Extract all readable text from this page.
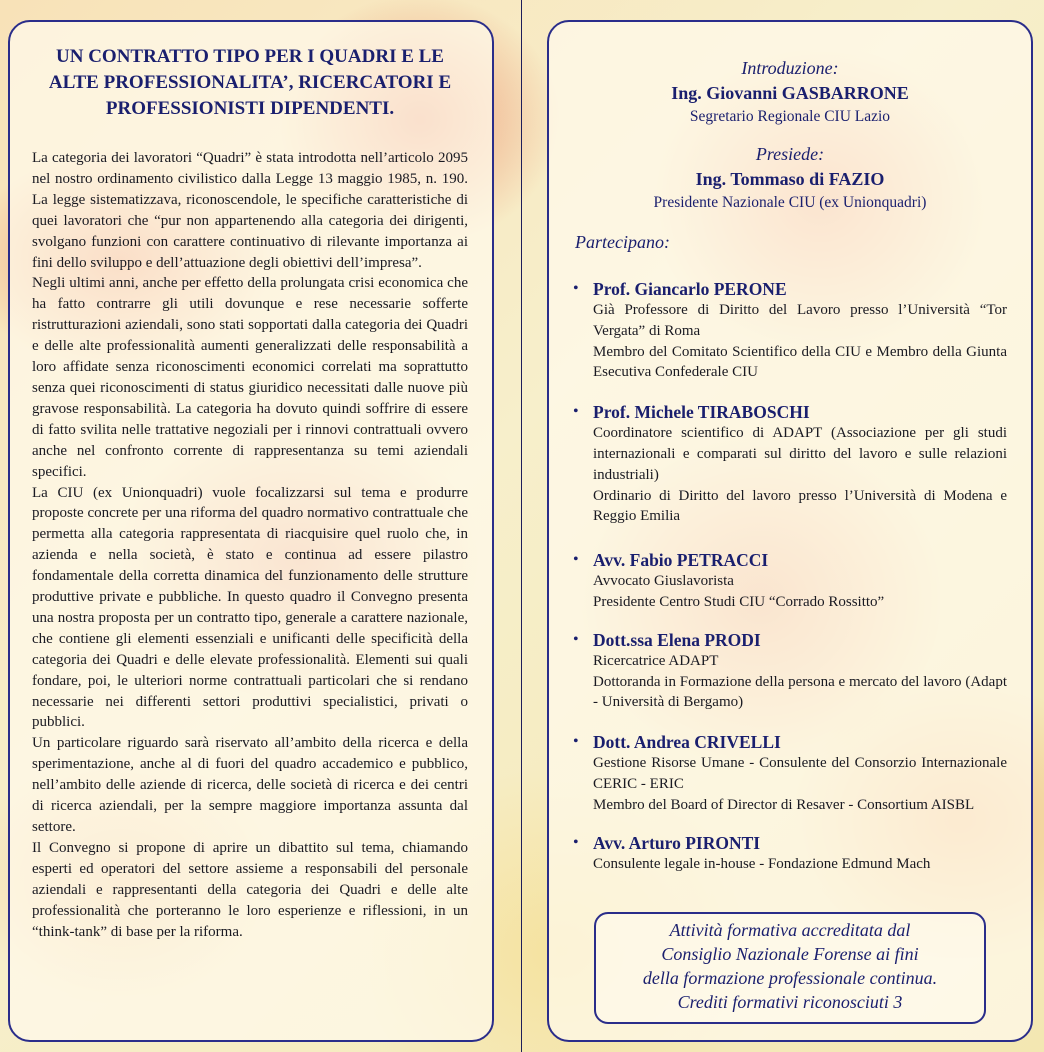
UN CONTRATTO TIPO PER I QUADRI E LE
ALTE PROFESSIONALITA’, RICERCATORI E
PROFESSIONISTI DIPENDENTI.

La categoria dei lavoratori “Quadri” è stata introdotta nell’articolo 2095 nel nostro ordinamento civilistico dalla Legge 13 maggio 1985, n. 190. La legge sistematizzava, riconoscendole, le specifiche caratteristiche di quei lavoratori che “pur non appartenendo alla categoria dei dirigenti, svolgano funzioni con carattere continuativo di rilevante importanza ai fini dello sviluppo e dell’attuazione degli obiettivi dell’impresa”.

Negli ultimi anni, anche per effetto della prolungata crisi economica che ha fatto contrarre gli utili dovunque e rese necessarie sofferte ristrutturazioni aziendali, sono stati sopportati dalla categoria dei Quadri e delle alte professionalità aumenti generalizzati delle responsabilità a loro affidate senza riconoscimenti economici correlati ma soprattutto senza quei riconoscimenti di status giuridico necessitati dalle nuove più gravose responsabilità. La categoria ha dovuto quindi soffrire di essere di fatto svilita nelle trattative negoziali per i rinnovi contrattuali ovvero anche nel confronto corrente di rappresentanza su temi aziendali specifici.

La CIU (ex Unionquadri) vuole focalizzarsi sul tema e produrre proposte concrete per una riforma del quadro normativo contrattuale che permetta alla categoria rappresentata di riacquisire quel ruolo che, in azienda e nella società, è stato e continua ad essere pilastro fondamentale della corretta dinamica del funzionamento delle strutture produttive private e pubbliche. In questo quadro il Convegno presenta una nostra proposta per un contratto tipo, generale a carattere nazionale, che contiene gli elementi essenziali e unificanti delle specificità della categoria dei Quadri e delle elevate professionalità. Elementi sui quali fondare, poi, le ulteriori norme contrattuali particolari che si rendano necessarie nei differenti settori produttivi specialistici, privati o pubblici.

Un particolare riguardo sarà riservato all’ambito della ricerca e della sperimentazione, anche al di fuori del quadro accademico e pubblico, nell’ambito delle aziende di ricerca, delle società di ricerca e dei centri di ricerca aziendali, per la sempre maggiore importanza assunta dal settore.

Il Convegno si propone di aprire un dibattito sul tema, chiamando esperti ed operatori del settore assieme a responsabili del personale aziendali e rappresentanti della categoria dei Quadri e delle alte professionalità che porteranno le loro esperienze e riflessioni, in un “think-tank” di base per la riforma.

Introduzione:
Ing. Giovanni GASBARRONE
Segretario Regionale CIU Lazio
Presiede:
Ing. Tommaso di FAZIO
Presidente Nazionale CIU (ex Unionquadri)
Partecipano:
• Prof. Giancarlo PERONE
Già Professore di Diritto del Lavoro presso l’Università “Tor Vergata” di Roma
Membro del Comitato Scientifico della CIU e Membro della Giunta Esecutiva Confederale CIU
• Prof. Michele TIRABOSCHI
Coordinatore scientifico di ADAPT (Associazione per gli studi internazionali e comparati sul diritto del lavoro e sulle relazioni industriali)
Ordinario di Diritto del lavoro presso l’Università di Modena e Reggio Emilia
• Avv. Fabio PETRACCI
Avvocato Giuslavorista
Presidente Centro Studi CIU “Corrado Rossitto”
• Dott.ssa Elena PRODI
Ricercatrice ADAPT
Dottoranda in Formazione della persona e mercato del lavoro (Adapt - Università di Bergamo)
• Dott. Andrea CRIVELLI
Gestione Risorse Umane - Consulente del Consorzio Internazionale CERIC - ERIC
Membro del Board of Director di Resaver - Consortium AISBL
• Avv. Arturo PIRONTI
Consulente legale in-house - Fondazione Edmund Mach
Attività formativa accreditata dal
Consiglio Nazionale Forense ai fini
della formazione professionale continua.
Crediti formativi riconosciuti 3
